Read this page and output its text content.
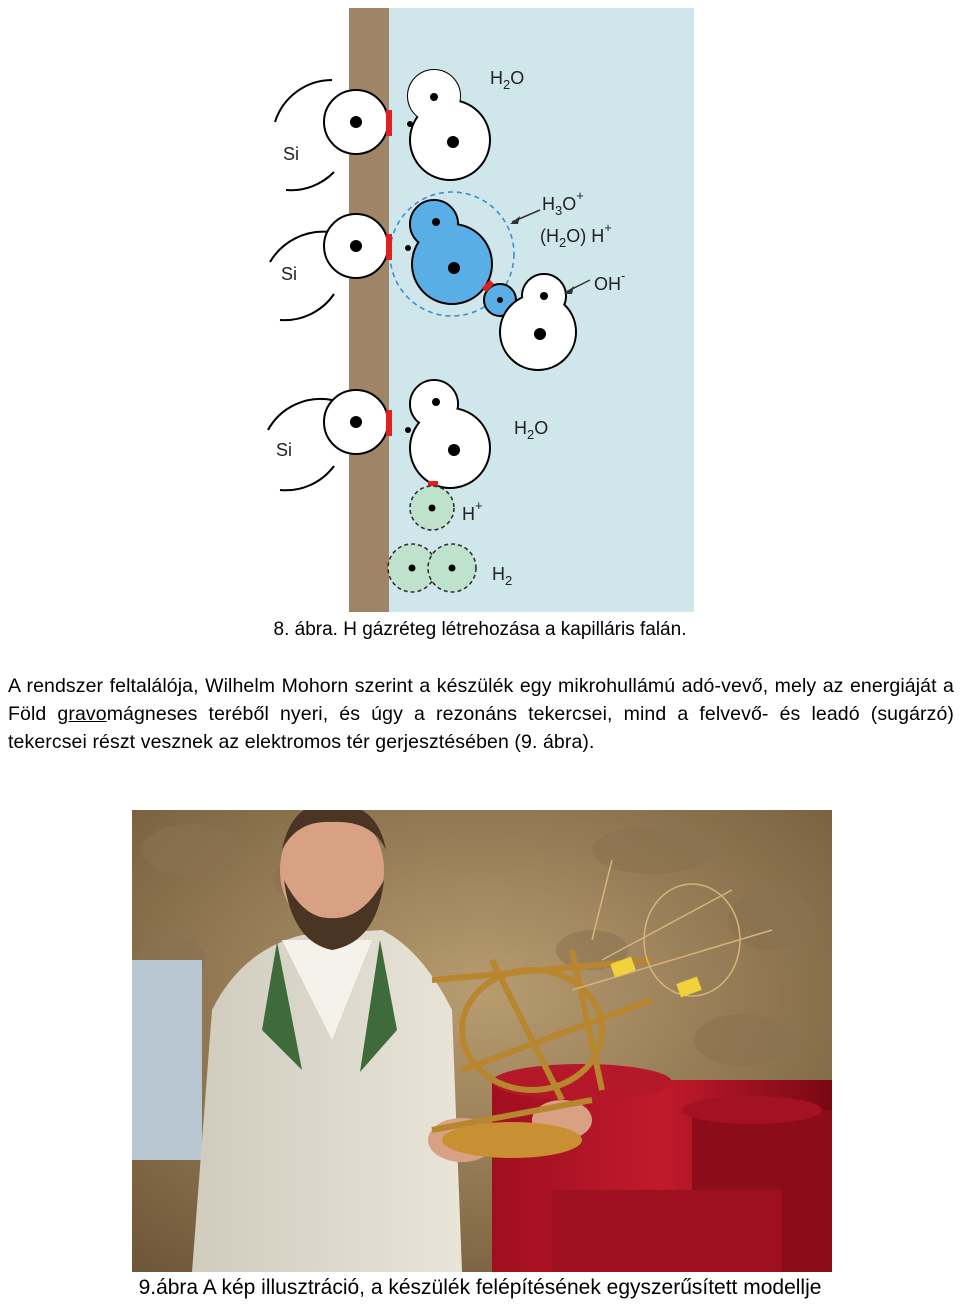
$H_2O$
Si
$H_3O^+$
$(H_2O)$ H+
Si	OH-
$H_2O$
Si
H+
$H_2$
8. ábra. H gázréteg létrehozása a kapilláris falán.

A rendszer feltalálója, Wilhelm Mohorn szerint a készülék egy mikrohullámú adó-vevő, mely az energiáját a Föld gravomágneses teréből nyeri, és úgy a rezonáns tekercsei, mind a felvevő- és leadó (sugárzó) tekercsei részt vesznek az elektromos tér gerjesztésében (9. ábra).

9.ábra A kép illusztráció, a készülék felépítésének egyszerűsített modellje
